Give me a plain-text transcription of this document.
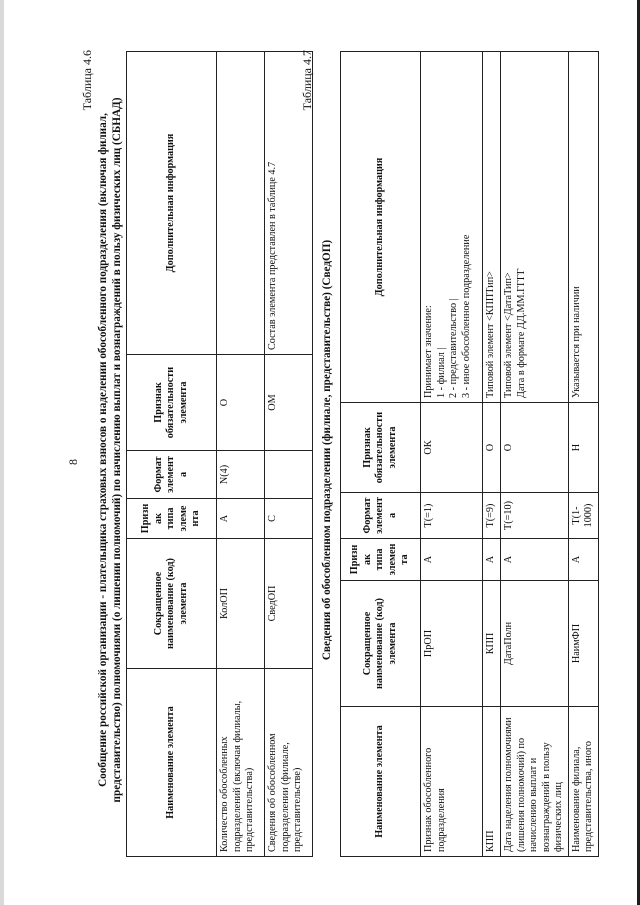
8
Таблица 4.6
Сообщение российской организации - плательщика страховых взносов о наделении обособленного подразделения (включая филиал, представительство) полномочиями (о лишении полномочий) по начислению выплат и вознаграждений в пользу физических лиц (СБНАД)	Наименование элемента	Сокращенное наименование (код) элемента	Признак типа элемента	Формат элемента	Признак обязательности элемента	Дополнительная информация
Количество обособленных подразделений (включая филиалы, представительства)	КолОП	A	N(4)	О	
Сведения об обособленном подразделении (филиале, представительстве)	СведОП	С		ОМ	Состав элемента представлен в таблице 4.7
Таблица 4.7
Сведения об обособленном подразделении (филиале, представительстве) (СведОП)
Наименование элемента	Сокращенное наименование (код) элемента	Признак типа элемента	Формат элемента	Признак обязательности элемента	Дополнительная информация
Признак обособленного подразделения	ПрОП	A	T(=1)	ОК	Принимает значение: 1 - филиал | 2 - представительство | 3 - иное обособленное подразделение

КПП	КПП	A	T(=9)	О	Типовой элемент <КППТип>

Дата наделения полномочиями (лишения полномочий) по начислению выплат и вознаграждений в пользу физических лиц	ДатаПолн	A	T(=10)	О	Типовой элемент <ДатаТип> Дата в формате ДД.ММ.ГГГГ

Наименование филиала, представительства, иного	НаимФП	A	T(1-1000)	Н	Указывается при наличии
